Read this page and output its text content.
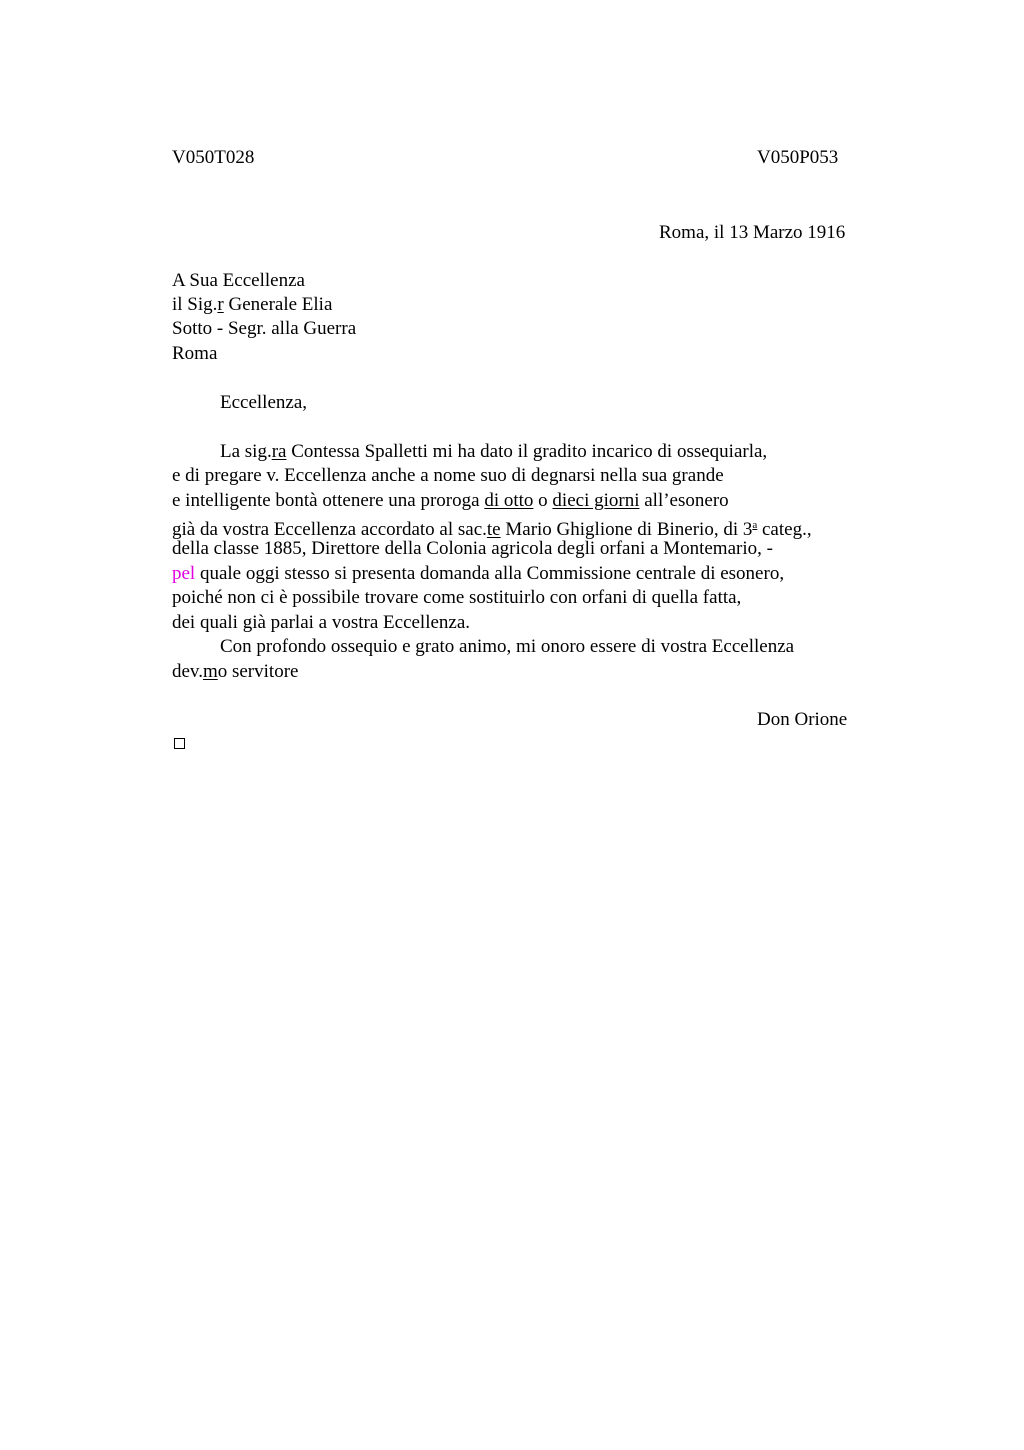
V050T028	V050P053
Roma, il 13 Marzo 1916
A Sua Eccellenza
il Sig.r Generale Elia
Sotto - Segr. alla Guerra
Roma
Eccellenza,
La sig.ra Contessa Spalletti mi ha dato il gradito incarico di ossequiarla,
e di pregare v. Eccellenza anche a nome suo di degnarsi nella sua grande
e intelligente bontà ottenere una proroga di otto o dieci giorni all’esonero
già da vostra Eccellenza accordato al sac.te Mario Ghiglione di Binerio, di 3$^a$ categ.,
della classe 1885, Direttore della Colonia agricola degli orfani a Montemario, -
pel quale oggi stesso si presenta domanda alla Commissione centrale di esonero,
poiché non ci è possibile trovare come sostituirlo con orfani di quella fatta,
dei quali già parlai a vostra Eccellenza.
Con profondo ossequio e grato animo, mi onoro essere di vostra Eccellenza
dev.mo servitore
Don Orione
